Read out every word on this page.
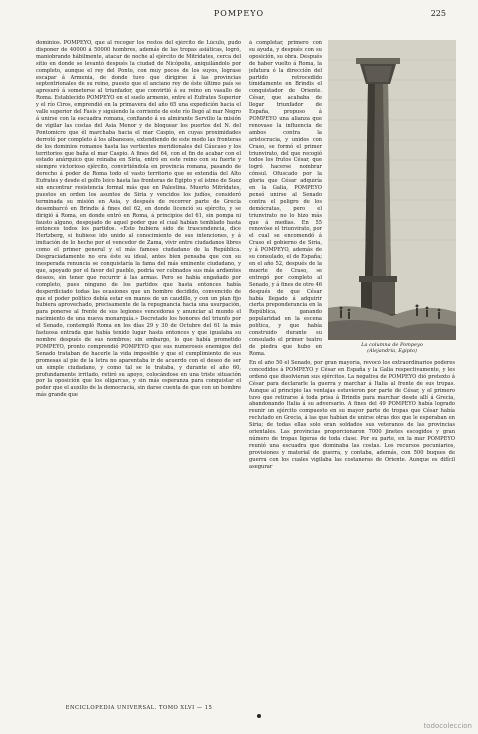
POMPEYO	225
dominios. POMPEYO, que al recoger los restos del ejército de Lúculo, pudo disponer de 40000 á 50000 hombres, además de las tropas asiáticas, logró, maniobrando hábilmente, atacar de noche al ejército de Mitrídates, cerca del sitio en donde se levantó después la ciudad de Nicópolis, aniquilándolo por completo, aunque el rey del Ponto, con muy pocos de los suyos, lograse escapar á Armenia, de donde tuvo que dirigirse á las provincias septentrionales de su reino, puesto que el anciano rey de éste último país se apresuró á someterse al triunfador, que convirtió á su reino en vasallo de Roma. Establecido POMPEYO en el suelo armenio, entre el Eufrates Superior y el río Ciros, emprendió en la primavera del año 65 una expedición hacia el valle superior del Fasis y siguiendo la corriente de este río llegó al mar Negro á unirse con la escuadra romana, confiando á su almirante Servilio la misión de vigilar las costas del Asia Menor y de bloquear los puertos del N. del Pontomicro que él marchaba hacia el mar Caspio, en cuyas proximidades derrotó por completo á los albaneses, extendiendo de este modo las fronteras de los dominios romanos hasta las vertientes meridionales del Cáucaso y los territorios que baña el mar Caspio. A fines del 64, con el fin de acabar con el estado anárquico que reinaba en Siria, entró en este reino con su fuerte y siempre victorioso ejército, convirtiéndola en provincia romana, pasando de derecho á poder de Roma todo el vasto territorio que se extendía del Alto Eufrates y desde el golfo Isico hasta las fronteras de Egipto y el istmo de Suez sin encontrar resistencia formal más que en Palestina. Muerto Mitrídates, puestos en orden los asuntos de Siria y vencidos los judíos, consideró terminada su misión en Asia, y después de recorrer parte de Grecia desembarcó en Brindis á fines del 62, en donde licenció su ejército, y se dirigió á Roma, en donde entró en Roma, á principios del 61, sin pompa ni fausto alguno, despojado de aquel poder que el cual habían temblado hasta entonces todos los partidos. «Esto hubiera sido de trascendencia, dice Hertzberg, si hubiese ido unido al conocimiento de sus intenciones, y á imitación de lo hecho por el vencedor de Zama, vivir entre ciudadanos libres como el primer general y el más famoso ciudadano de la República. Desgraciadamente no era éste su ideal, antes bien pensaba que con su inesperada renuncia se conquistaría la fama del más eminente ciudadano, y que, apoyado por el favor del pueblo, podría ver colmados sus más ardientes deseos, sin tener que recurrir á las armas. Pero se había engañado por completo, pues ninguno de los partidos que hasta entonces había desperdiciado todas las ocasiones que un hombre decidido, convencido de que el poder político debía estar en manos de un caudillo, y con un plan fijo hubiera aprovechado, precisamente de la repugnancia hacia una usurpación, para ponerse al frente de sus legiones vencedoras y anunciar al mundo el nacimiento de una nueva monarquía.» Decretado los honores del triunfo por el Senado, contempló Roma en los días 29 y 30 de Octubre del 61 la más fastuosa entrada que había tenido lugar hasta entonces y que igualaba su nombre después de sus nombres; sin embargo, lo que había prometido POMPEYO, pronto comprendió POMPEYO que sus numerosos enemigos del Senado trataban de hacerle la vida imposible y que el cumplimiento de sus promesas al pie de la letra no aparentaba ir de acuerdo con el deseo de ser un simple ciudadano, y como tal se le trataba, y durante el año 60, profundamente irritado, retiró su apoyo, colocándose en una triste situación por la oposición que los oligarcas, y sin más esperanza para conquistar el poder que el auxilio de la democracia, sin darse cuenta de que con un hombre más grande que
á completar, primero con su ayuda, y después con su oposición, su obra. Después de haber vuelto á Roma, la jefatura ó la dirección del partido retrocedido tímidamente en Brindis el conquistador de Oriente. César, que acababa de llegar triunfador de España, propuso á POMPEYO una alianza que renovase la influencia de ambos contra la aristocracia, y unidos con Craso, se formó el primer triunvirato, del que recogió todos los frutos César, que logró hacerse nombrar cónsul. Ofuscado por la gloria que César adquiría en la Galia, POMPEYO pensó unirse al Senado contra el peligro de los demócratas, pero el triunvirato no lo hizo más que á medias. En 55 renovóse el triunvirato, por el cual se encomendó á Craso el gobierno de Siria, y á POMPEYO, además de su consulado, el de España; en el año 52, después de la muerte de Craso, se entregó por completo al Senado, y á fines de otro 46 después de que César había llegado á adquirir cierta preponderancia en la República, ganando popularidad en la escena política, y que había construido durante su consulado el primer teatro de piedra que hubo en Roma.
La columna de Pompeyo
(Alejandría, Egipto)
En el año 50 el Senado, por gran mayoría, revocó los extraordinarios poderes concedidos á POMPEYO y César en España y la Galia respectivamente, y les ordenó que disolvieran sus ejércitos. La negativa de POMPEYO dió pretexto á César para declararle la guerra y marchar á Italia al frente de sus tropas. Aunque al principio las ventajas estuvieron por parte de César, y el primero tuvo que retirarse á toda prisa á Brindis para marchar desde allí á Grecia, abandonando Italia á su adversario. A fines del 49 POMPEYO había logrado reunir un ejército compuesto en su mayor parte de tropas que César había reclutado en Grecia, á las que habían de unirse otras dos que le esperaban en Siria; de todas ellas solo eran soldados sus veteranos de las provincias orientales. Las provincias proporcionaron 7000 jinetes escogidos y gran número de tropas ligeras de toda clase. Por su parte, en la mar POMPEYO reunió una escuadra que dominaba las costas. Los recursos pecuniarios, provisiones y material de guerra, y contaba, además, con 500 buques de guerra con los cuales vigilaba las costaneras de Oriente. Aunque es difícil asegurar
ENCICLOPEDIA UNIVERSAL. TOMO XLVI — 15
todocoleccion
